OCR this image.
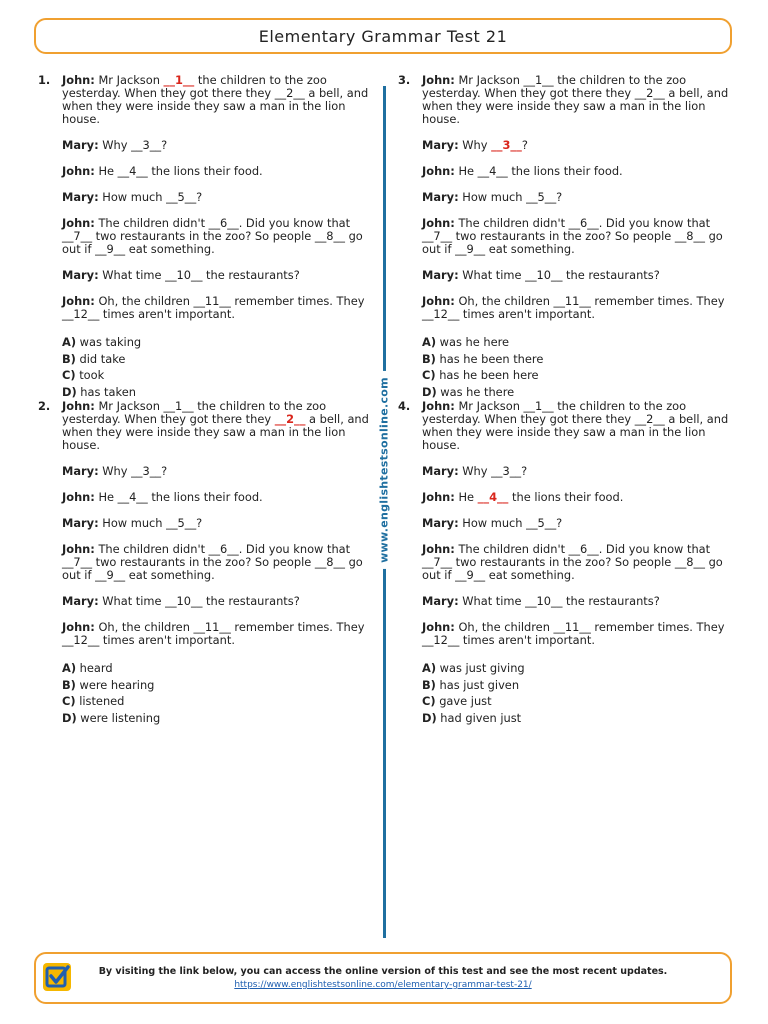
Elementary Grammar Test 21
www.englishtestsonline.com
1.	John: Mr Jackson __1__ the children to the zoo yesterday. When they got there they __2__ a bell, and when they were inside they saw a man in the lion house.

Mary: Why __3__?

John: He __4__ the lions their food.

Mary: How much __5__?

John: The children didn't __6__. Did you know that __7__ two restaurants in the zoo? So people __8__ go out if __9__ eat something.

Mary: What time __10__ the restaurants?

John: Oh, the children __11__ remember times. They __12__ times aren't important.

A) was taking
B) did take
C) took
D) has taken
2.	John: Mr Jackson __1__ the children to the zoo yesterday. When they got there they __2__ a bell, and when they were inside they saw a man in the lion house.

Mary: Why __3__?

John: He __4__ the lions their food.

Mary: How much __5__?

John: The children didn't __6__. Did you know that __7__ two restaurants in the zoo? So people __8__ go out if __9__ eat something.

Mary: What time __10__ the restaurants?

John: Oh, the children __11__ remember times. They __12__ times aren't important.

A) heard
B) were hearing
C) listened
D) were listening
3.	John: Mr Jackson __1__ the children to the zoo yesterday. When they got there they __2__ a bell, and when they were inside they saw a man in the lion house.

Mary: Why __3__?

John: He __4__ the lions their food.

Mary: How much __5__?

John: The children didn't __6__. Did you know that __7__ two restaurants in the zoo? So people __8__ go out if __9__ eat something.

Mary: What time __10__ the restaurants?

John: Oh, the children __11__ remember times. They __12__ times aren't important.

A) was he here
B) has he been there
C) has he been here
D) was he there
4.	John: Mr Jackson __1__ the children to the zoo yesterday. When they got there they __2__ a bell, and when they were inside they saw a man in the lion house.

Mary: Why __3__?

John: He __4__ the lions their food.

Mary: How much __5__?

John: The children didn't __6__. Did you know that __7__ two restaurants in the zoo? So people __8__ go out if __9__ eat something.

Mary: What time __10__ the restaurants?

John: Oh, the children __11__ remember times. They __12__ times aren't important.

A) was just giving
B) has just given
C) gave just
D) had given just
By visiting the link below, you can access the online version of this test and see the most recent updates.
https://www.englishtestsonline.com/elementary-grammar-test-21/
